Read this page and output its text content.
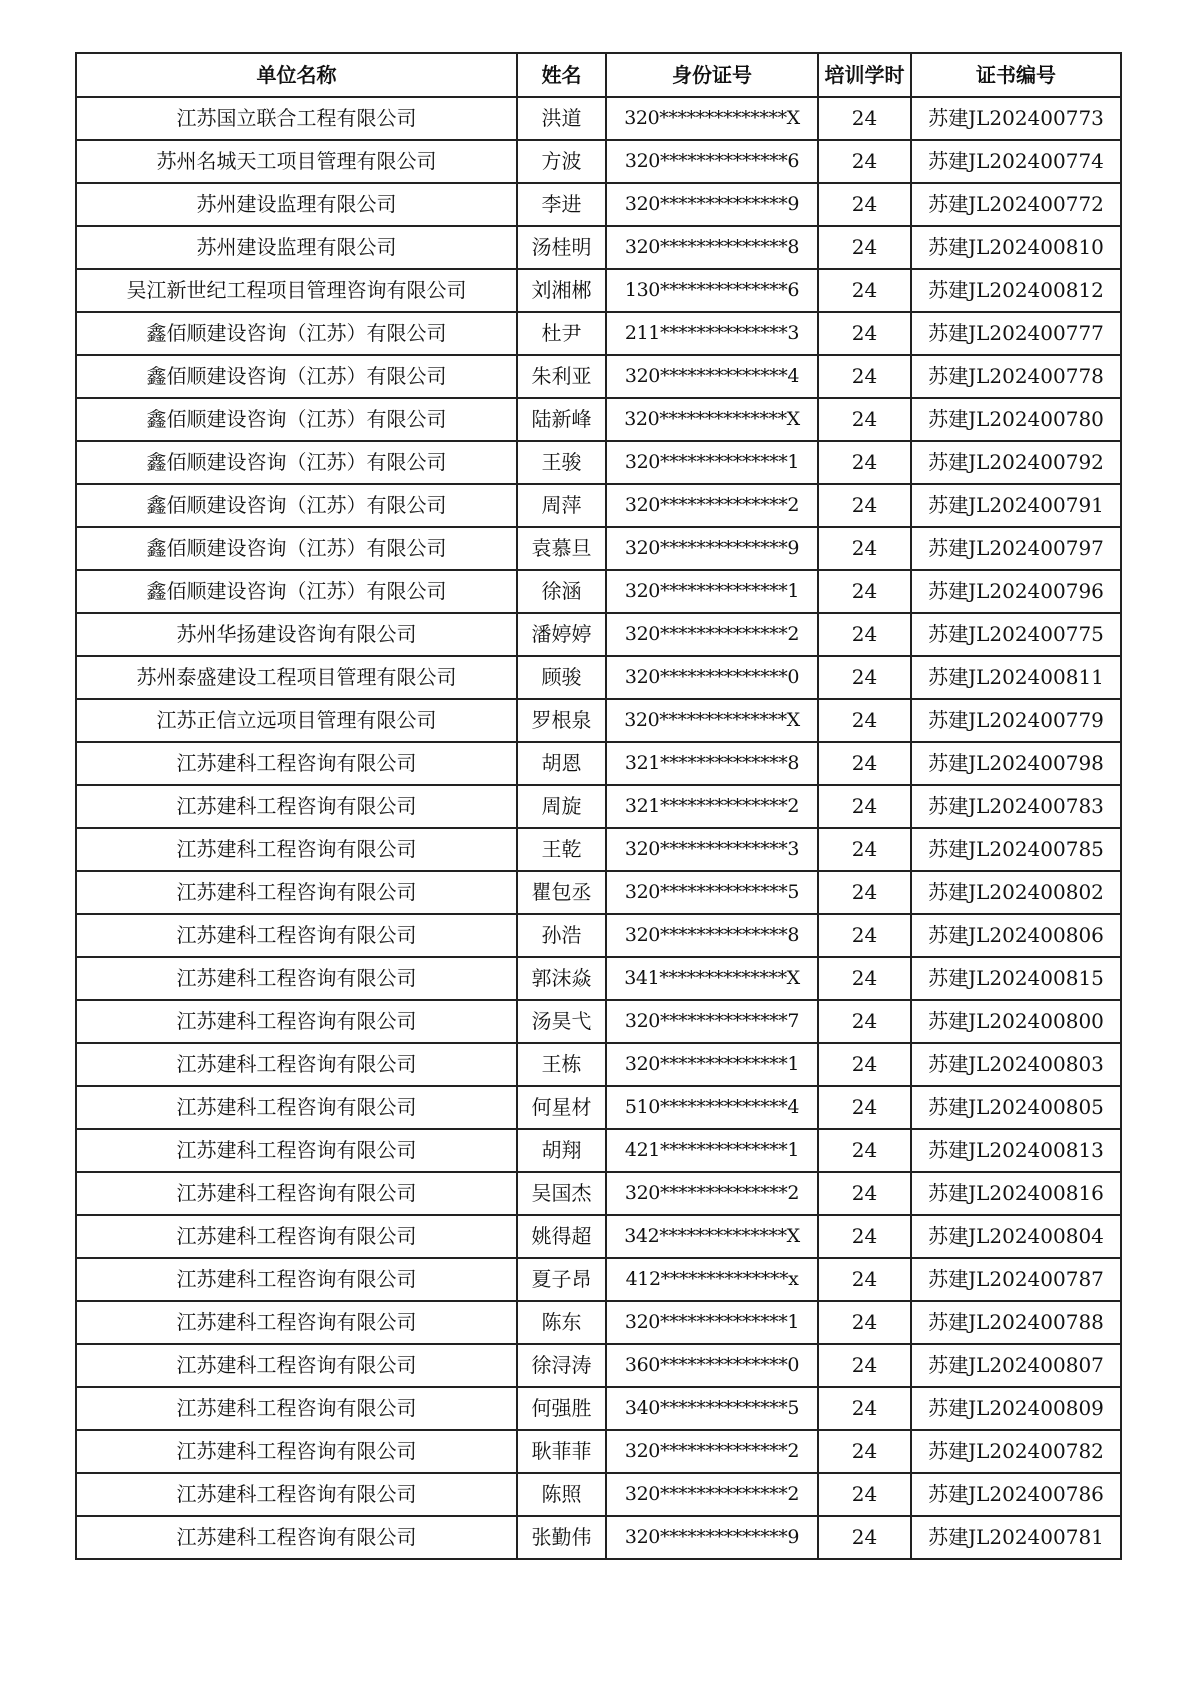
单位名称	姓名	身份证号	培训学时	证书编号
江苏国立联合工程有限公司	洪道	320**************X	24	苏建JL202400773
苏州名城天工项目管理有限公司	方波	320**************6	24	苏建JL202400774
苏州建设监理有限公司	李进	320**************9	24	苏建JL202400772
苏州建设监理有限公司	汤桂明	320**************8	24	苏建JL202400810
吴江新世纪工程项目管理咨询有限公司	刘湘郴	130**************6	24	苏建JL202400812
鑫佰顺建设咨询（江苏）有限公司	杜尹	211**************3	24	苏建JL202400777
鑫佰顺建设咨询（江苏）有限公司	朱利亚	320**************4	24	苏建JL202400778
鑫佰顺建设咨询（江苏）有限公司	陆新峰	320**************X	24	苏建JL202400780
鑫佰顺建设咨询（江苏）有限公司	王骏	320**************1	24	苏建JL202400792
鑫佰顺建设咨询（江苏）有限公司	周萍	320**************2	24	苏建JL202400791
鑫佰顺建设咨询（江苏）有限公司	袁慕旦	320**************9	24	苏建JL202400797
鑫佰顺建设咨询（江苏）有限公司	徐涵	320**************1	24	苏建JL202400796
苏州华扬建设咨询有限公司	潘婷婷	320**************2	24	苏建JL202400775
苏州泰盛建设工程项目管理有限公司	顾骏	320**************0	24	苏建JL202400811
江苏正信立远项目管理有限公司	罗根泉	320**************X	24	苏建JL202400779
江苏建科工程咨询有限公司	胡恩	321**************8	24	苏建JL202400798
江苏建科工程咨询有限公司	周旋	321**************2	24	苏建JL202400783
江苏建科工程咨询有限公司	王乾	320**************3	24	苏建JL202400785
江苏建科工程咨询有限公司	瞿包丞	320**************5	24	苏建JL202400802
江苏建科工程咨询有限公司	孙浩	320**************8	24	苏建JL202400806
江苏建科工程咨询有限公司	郭沫焱	341**************X	24	苏建JL202400815
江苏建科工程咨询有限公司	汤昊弋	320**************7	24	苏建JL202400800
江苏建科工程咨询有限公司	王栋	320**************1	24	苏建JL202400803
江苏建科工程咨询有限公司	何星材	510**************4	24	苏建JL202400805
江苏建科工程咨询有限公司	胡翔	421**************1	24	苏建JL202400813
江苏建科工程咨询有限公司	吴国杰	320**************2	24	苏建JL202400816
江苏建科工程咨询有限公司	姚得超	342**************X	24	苏建JL202400804
江苏建科工程咨询有限公司	夏子昂	412**************x	24	苏建JL202400787
江苏建科工程咨询有限公司	陈东	320**************1	24	苏建JL202400788
江苏建科工程咨询有限公司	徐浔涛	360**************0	24	苏建JL202400807
江苏建科工程咨询有限公司	何强胜	340**************5	24	苏建JL202400809
江苏建科工程咨询有限公司	耿菲菲	320**************2	24	苏建JL202400782
江苏建科工程咨询有限公司	陈照	320**************2	24	苏建JL202400786
江苏建科工程咨询有限公司	张勤伟	320**************9	24	苏建JL202400781
